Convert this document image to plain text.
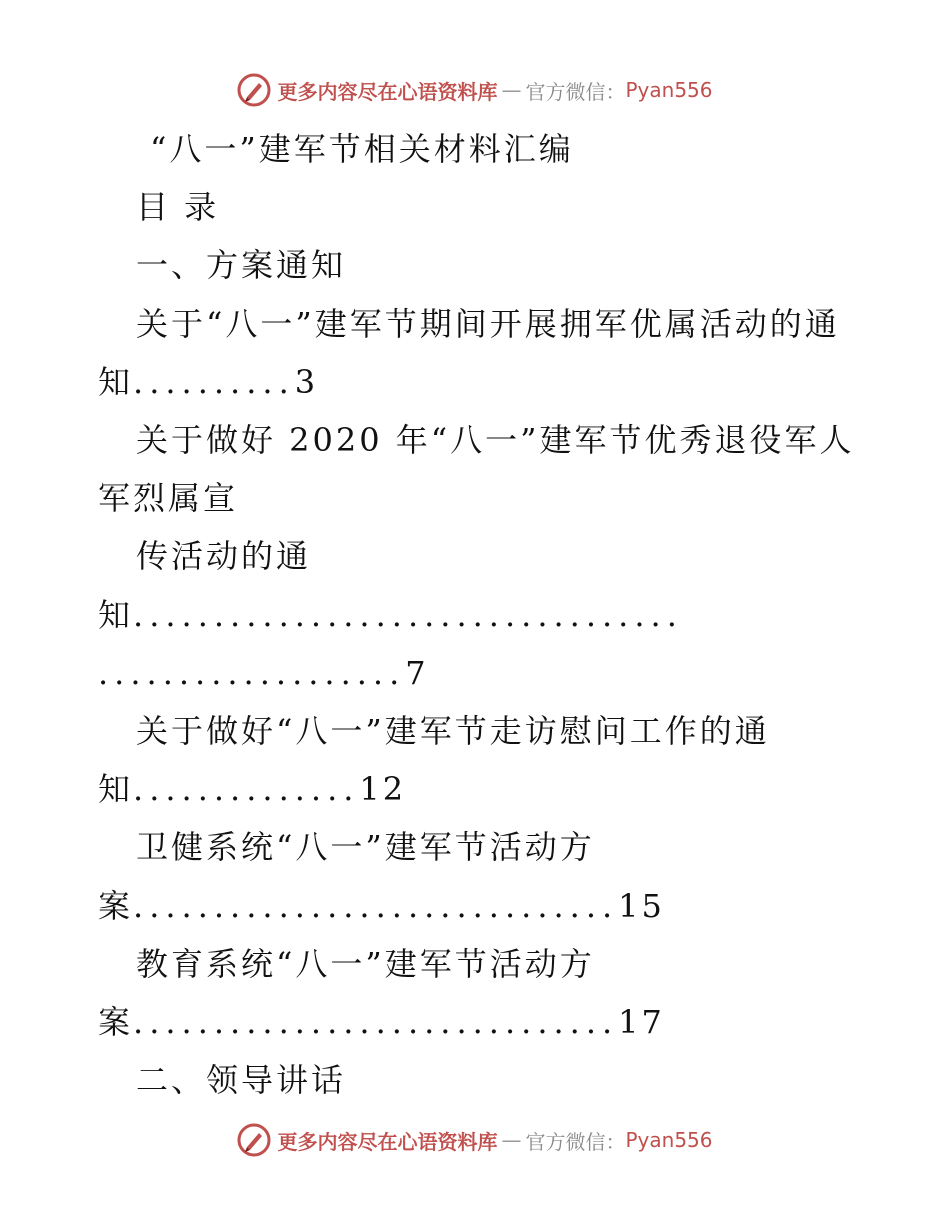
更多内容尽在心语资料库 — 官方微信： Pyan556
“八一”建军节相关材料汇编
目 录
一、方案通知
关于“八一”建军节期间开展拥军优属活动的通
知..........3
关于做好 2020 年“八一”建军节优秀退役军人
军烈属宣
传活动的通
知..................................
...................7
关于做好“八一”建军节走访慰问工作的通
知..............12
卫健系统“八一”建军节活动方
案..............................15
教育系统“八一”建军节活动方
案..............................17
二、领导讲话
更多内容尽在心语资料库 — 官方微信： Pyan556
